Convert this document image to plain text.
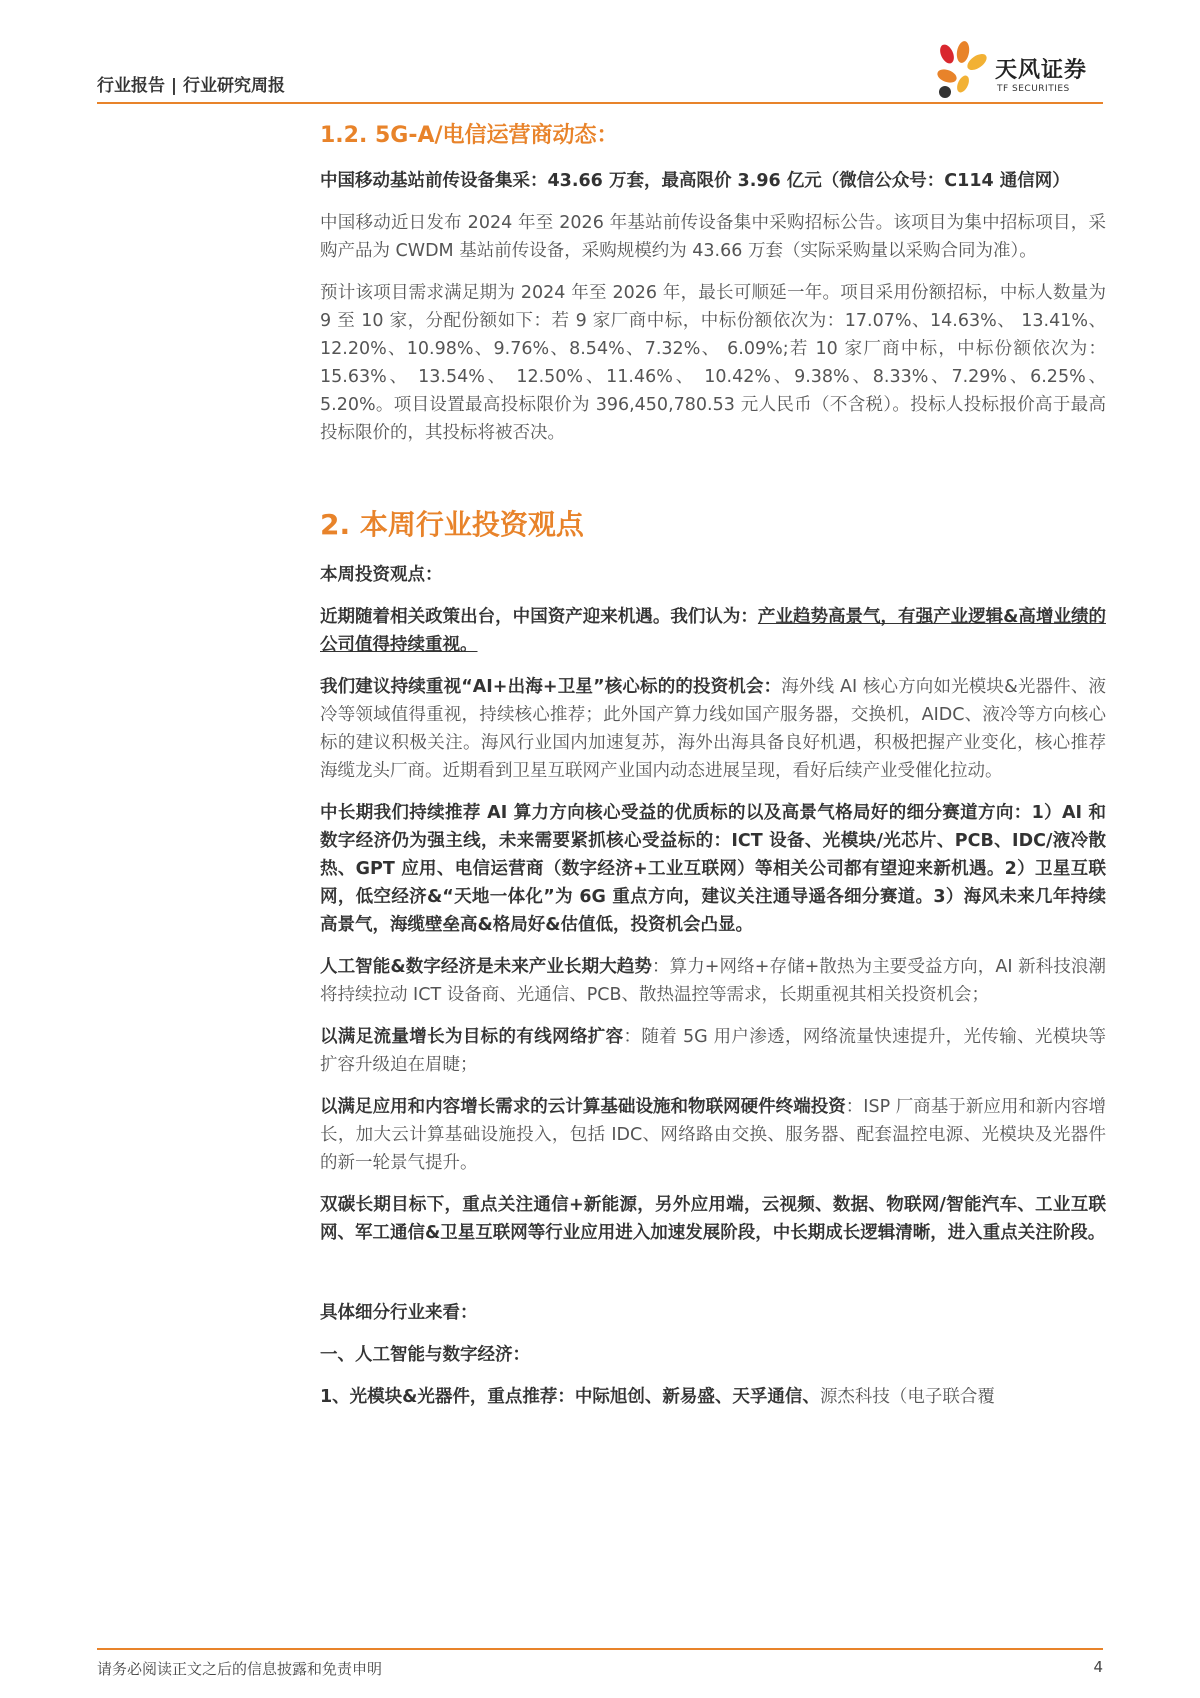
行业报告 | 行业研究周报
天风证券
TF SECURITIES
1.2. 5G-A/电信运营商动态：

中国移动基站前传设备集采：43.66 万套，最高限价 3.96 亿元（微信公众号：C114 通信网）

中国移动近日发布 2024 年至 2026 年基站前传设备集中采购招标公告。该项目为集中招标项目，采购产品为 CWDM 基站前传设备，采购规模约为 43.66 万套（实际采购量以采购合同为准）。

预计该项目需求满足期为 2024 年至 2026 年，最长可顺延一年。项目采用份额招标，中标人数量为 9 至 10 家，分配份额如下：若 9 家厂商中标，中标份额依次为：17.07%、14.63%、 13.41%、 12.20%、10.98%、9.76%、8.54%、7.32%、 6.09%;若 10 家厂商中标，中标份额依次为：15.63%、 13.54%、 12.50%、11.46%、 10.42%、9.38%、8.33%、7.29%、6.25%、5.20%。项目设置最高投标限价为 396,450,780.53 元人民币（不含税）。投标人投标报价高于最高投标限价的，其投标将被否决。

2. 本周行业投资观点

本周投资观点：

近期随着相关政策出台，中国资产迎来机遇。我们认为：产业趋势高景气，有强产业逻辑&高增业绩的公司值得持续重视。

我们建议持续重视“AI+出海+卫星”核心标的的投资机会：海外线 AI 核心方向如光模块&光器件、液冷等领域值得重视，持续核心推荐；此外国产算力线如国产服务器，交换机，AIDC、液冷等方向核心标的建议积极关注。海风行业国内加速复苏，海外出海具备良好机遇，积极把握产业变化，核心推荐海缆龙头厂商。近期看到卫星互联网产业国内动态进展呈现，看好后续产业受催化拉动。

中长期我们持续推荐 AI 算力方向核心受益的优质标的以及高景气格局好的细分赛道方向：1）AI 和数字经济仍为强主线，未来需要紧抓核心受益标的：ICT 设备、光模块/光芯片、PCB、IDC/液冷散热、GPT 应用、电信运营商（数字经济+工业互联网）等相关公司都有望迎来新机遇。2）卫星互联网，低空经济&“天地一体化”为 6G 重点方向，建议关注通导遥各细分赛道。3）海风未来几年持续高景气，海缆壁垒高&格局好&估值低，投资机会凸显。

人工智能&数字经济是未来产业长期大趋势：算力+网络+存储+散热为主要受益方向，AI 新科技浪潮将持续拉动 ICT 设备商、光通信、PCB、散热温控等需求，长期重视其相关投资机会；

以满足流量增长为目标的有线网络扩容：随着 5G 用户渗透，网络流量快速提升，光传输、光模块等扩容升级迫在眉睫；

以满足应用和内容增长需求的云计算基础设施和物联网硬件终端投资：ISP 厂商基于新应用和新内容增长，加大云计算基础设施投入，包括 IDC、网络路由交换、服务器、配套温控电源、光模块及光器件的新一轮景气提升。

双碳长期目标下，重点关注通信+新能源，另外应用端，云视频、数据、物联网/智能汽车、工业互联网、军工通信&卫星互联网等行业应用进入加速发展阶段，中长期成长逻辑清晰，进入重点关注阶段。

具体细分行业来看：

一、人工智能与数字经济：

1、光模块&光器件，重点推荐：中际旭创、新易盛、天孚通信、源杰科技（电子联合覆

请务必阅读正文之后的信息披露和免责申明	4
